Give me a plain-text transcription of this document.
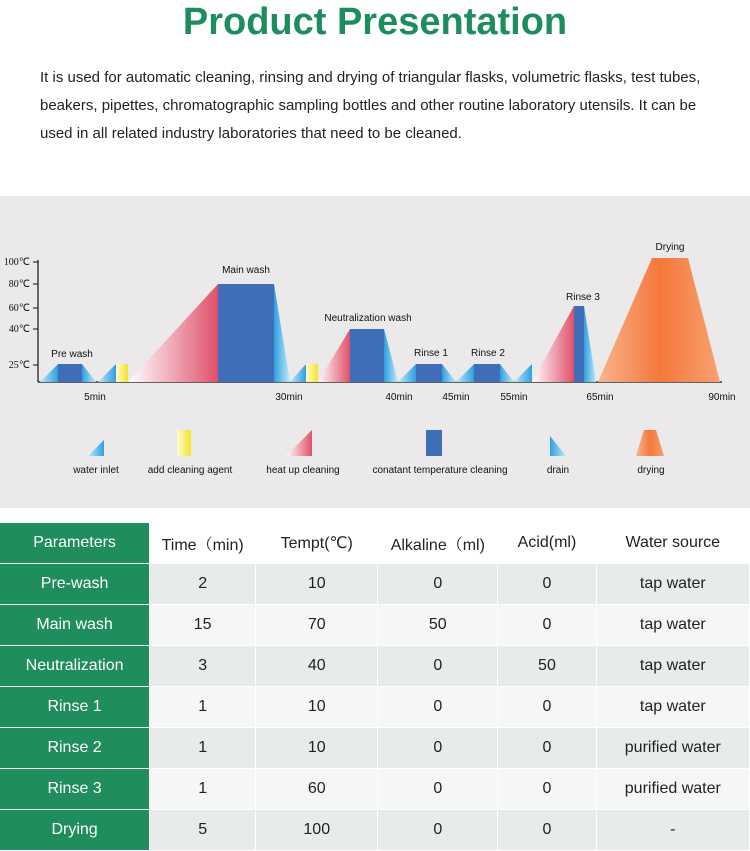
Product Presentation
It is used for automatic cleaning, rinsing and drying of triangular flasks, volumetric flasks, test tubes, beakers, pipettes, chromatographic sampling bottles and other routine laboratory utensils. It can be used in all related industry laboratories that need to be cleaned.
100℃
80℃
60℃
40℃
25℃
5min	30min	40min	45min	55min	65min	90min
Pre wash
Main wash
Neutralization wash
Rinse 1 Rinse 2
Rinse 3
Drying
water inlet	add cleaning agent	heat up cleaning	conatant temperature cleaning	drain	drying
Parameters	Time（min)	Tempt(℃)	Alkaline（ml)	Acid(ml)	Water source
Pre-wash	2	10	0	0	tap water
Main wash	15	70	50	0	tap water
Neutralization	3	40	0	50	tap water
Rinse 1	1	10	0	0	tap water
Rinse 2	1	10	0	0	purified water
Rinse 3	1	60	0	0	purified water
Drying	5	100	0	0	-
